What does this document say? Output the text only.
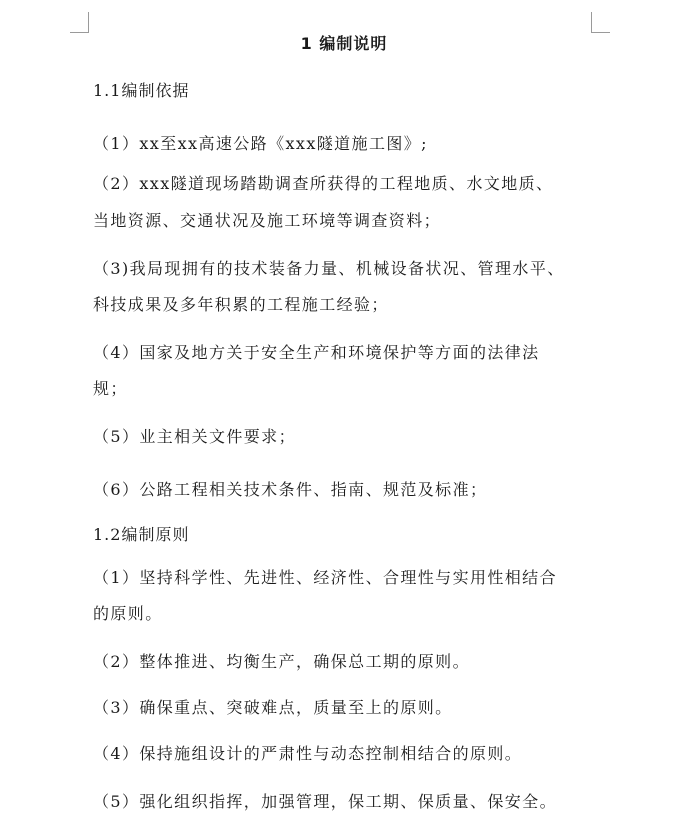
1 编制说明
1.1编制依据
（1）xx至xx高速公路《xxx隧道施工图》;
（2）xxx隧道现场踏勘调查所获得的工程地质、水文地质、
当地资源、交通状况及施工环境等调查资料；
（3)我局现拥有的技术装备力量、机械设备状况、管理水平、
科技成果及多年积累的工程施工经验；
（4）国家及地方关于安全生产和环境保护等方面的法律法
规；
（5）业主相关文件要求；
（6）公路工程相关技术条件、指南、规范及标准；
1.2编制原则
（1）坚持科学性、先进性、经济性、合理性与实用性相结合
的原则。
（2）整体推进、均衡生产，确保总工期的原则。
（3）确保重点、突破难点，质量至上的原则。
（4）保持施组设计的严肃性与动态控制相结合的原则。
（5）强化组织指挥，加强管理，保工期、保质量、保安全。
